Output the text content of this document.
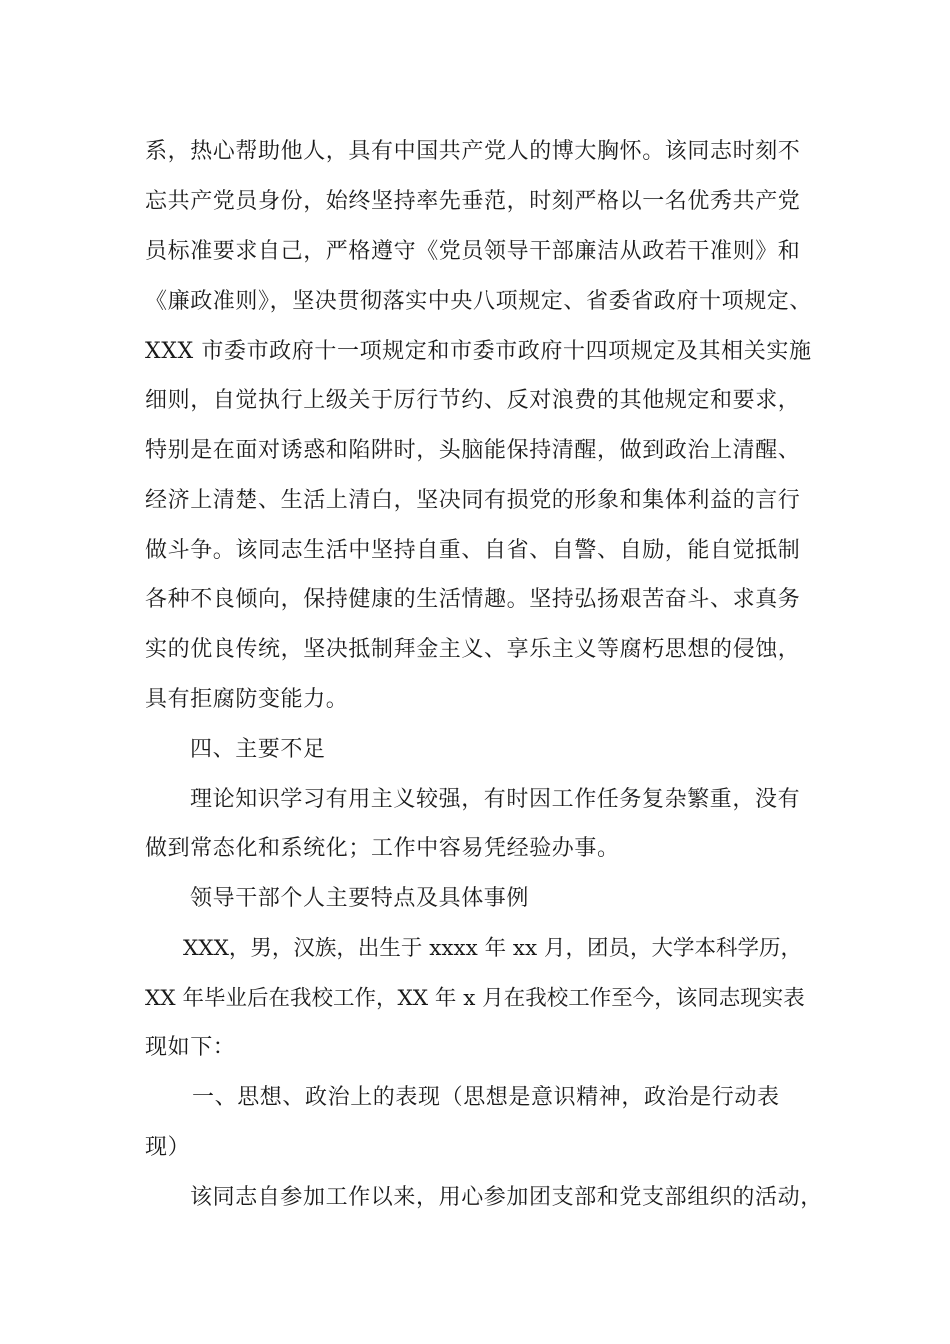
系，热心帮助他人，具有中国共产党人的博大胸怀。该同志时刻不
忘共产党员身份，始终坚持率先垂范，时刻严格以一名优秀共产党
员标准要求自己，严格遵守《党员领导干部廉洁从政若干准则》和
《廉政准则》，坚决贯彻落实中央八项规定、省委省政府十项规定、
XXX 市委市政府十一项规定和市委市政府十四项规定及其相关实施
细则，自觉执行上级关于厉行节约、反对浪费的其他规定和要求，
特别是在面对诱惑和陷阱时，头脑能保持清醒，做到政治上清醒、
经济上清楚、生活上清白，坚决同有损党的形象和集体利益的言行
做斗争。该同志生活中坚持自重、自省、自警、自励，能自觉抵制
各种不良倾向，保持健康的生活情趣。坚持弘扬艰苦奋斗、求真务
实的优良传统，坚决抵制拜金主义、享乐主义等腐朽思想的侵蚀，
具有拒腐防变能力。
四、主要不足
理论知识学习有用主义较强，有时因工作任务复杂繁重，没有
做到常态化和系统化；工作中容易凭经验办事。
领导干部个人主要特点及具体事例
XXX，男，汉族，出生于 xxxx 年 xx 月，团员，大学本科学历，
XX 年毕业后在我校工作，XX 年 x 月在我校工作至今，该同志现实表
现如下：
一、思想、政治上的表现（思想是意识精神，政治是行动表
现）
该同志自参加工作以来，用心参加团支部和党支部组织的活动，
